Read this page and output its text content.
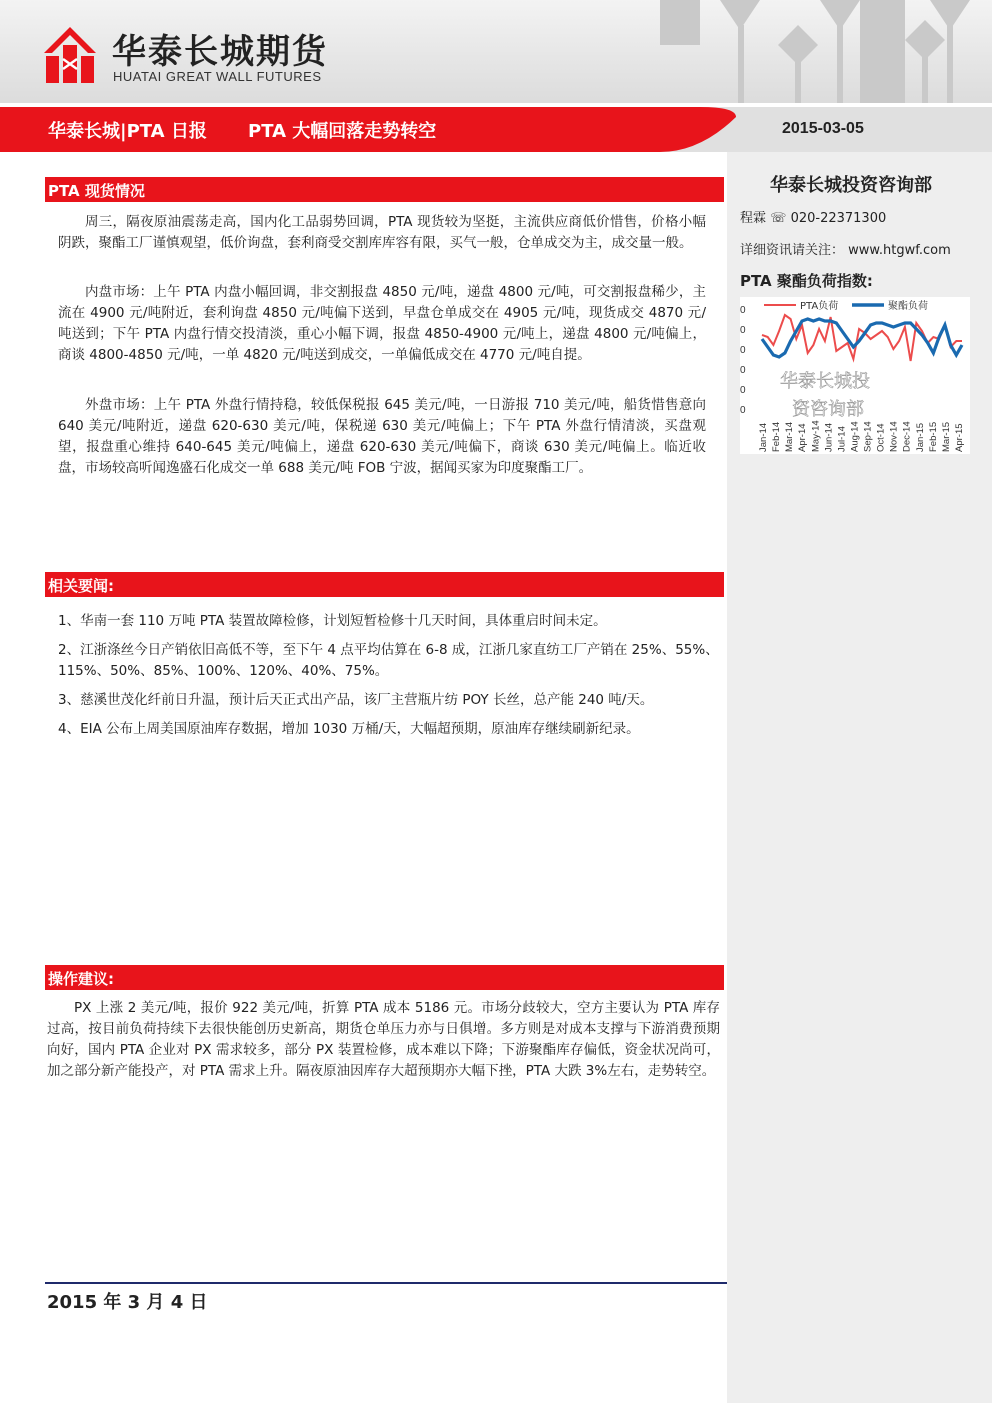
华泰长城期货
HUATAI GREAT WALL FUTURES
华泰长城|PTA 日报 PTA 大幅回落走势转空	2015-03-05
华泰长城投资咨询部
程霖 ☏ 020-22371300
详细资讯请关注： www.htgwf.com
PTA 聚酯负荷指数:
0
0
0
0
0
0
PTA负荷	聚酯负荷
华泰长城投
资咨询部
Jan-14 Feb-14 Mar-14 Apr-14 May-14 Jun-14 Jul-14 Aug-14 Sep-14 Oct-14 Nov-14 Dec-14 Jan-15 Feb-15 Mar-15 Apr-15
PTA 现货情况
周三，隔夜原油震荡走高，国内化工品弱势回调，PTA 现货较为坚挺，主流供应商低价惜售，价格小幅阴跌，聚酯工厂谨慎观望，低价询盘，套利商受交割库库容有限，买气一般，仓单成交为主，成交量一般。
内盘市场：上午 PTA 内盘小幅回调，非交割报盘 4850 元/吨，递盘 4800 元/吨，可交割报盘稀少，主流在 4900 元/吨附近，套利询盘 4850 元/吨偏下送到，早盘仓单成交在 4905 元/吨，现货成交 4870 元/吨送到；下午 PTA 内盘行情交投清淡，重心小幅下调，报盘 4850-4900 元/吨上，递盘 4800 元/吨偏上，商谈 4800-4850 元/吨，一单 4820 元/吨送到成交，一单偏低成交在 4770 元/吨自提。
外盘市场：上午 PTA 外盘行情持稳，较低保税报 645 美元/吨，一日游报 710 美元/吨，船货惜售意向 640 美元/吨附近，递盘 620-630 美元/吨，保税递 630 美元/吨偏上；下午 PTA 外盘行情清淡，买盘观望，报盘重心维持 640-645 美元/吨偏上，递盘 620-630 美元/吨偏下，商谈 630 美元/吨偏上。临近收盘，市场较高听闻逸盛石化成交一单 688 美元/吨 FOB 宁波，据闻买家为印度聚酯工厂。
相关要闻:
1、华南一套 110 万吨 PTA 装置故障检修，计划短暂检修十几天时间，具体重启时间未定。
2、江浙涤丝今日产销依旧高低不等，至下午 4 点平均估算在 6-8 成，江浙几家直纺工厂产销在 25%、55%、115%、50%、85%、100%、120%、40%、75%。
3、慈溪世茂化纤前日升温，预计后天正式出产品，该厂主营瓶片纺 POY 长丝，总产能 240 吨/天。
4、EIA 公布上周美国原油库存数据，增加 1030 万桶/天，大幅超预期，原油库存继续刷新纪录。
操作建议:
PX 上涨 2 美元/吨，报价 922 美元/吨，折算 PTA 成本 5186 元。市场分歧较大，空方主要认为 PTA 库存过高，按目前负荷持续下去很快能创历史新高，期货仓单压力亦与日俱增。多方则是对成本支撑与下游消费预期向好，国内 PTA 企业对 PX 需求较多，部分 PX 装置检修，成本难以下降；下游聚酯库存偏低，资金状况尚可，加之部分新产能投产，对 PTA 需求上升。隔夜原油因库存大超预期亦大幅下挫，PTA 大跌 3%左右，走势转空。
2015 年 3 月 4 日
